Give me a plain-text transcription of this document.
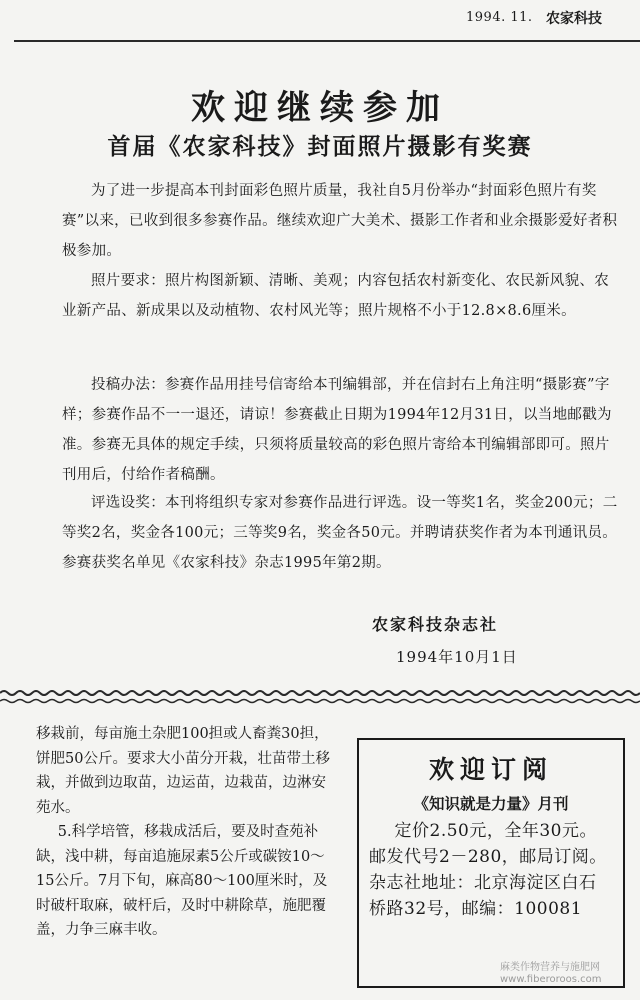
1994. 11. 农家科技
欢迎继续参加
首届《农家科技》封面照片摄影有奖赛

为了进一步提高本刊封面彩色照片质量，我社自5月份举办“封面彩色照片有奖赛”以来，已收到很多参赛作品。继续欢迎广大美术、摄影工作者和业余摄影爱好者积极参加。

照片要求：照片构图新颖、清晰、美观；内容包括农村新变化、农民新风貌、农业新产品、新成果以及动植物、农村风光等；照片规格不小于12.8×8.6厘米。

投稿办法：参赛作品用挂号信寄给本刊编辑部，并在信封右上角注明“摄影赛”字样；参赛作品不一一退还，请谅！参赛截止日期为1994年12月31日，以当地邮戳为准。参赛无具体的规定手续，只须将质量较高的彩色照片寄给本刊编辑部即可。照片刊用后，付给作者稿酬。

评选设奖：本刊将组织专家对参赛作品进行评选。设一等奖1名，奖金200元；二等奖2名，奖金各100元；三等奖9名，奖金各50元。并聘请获奖作者为本刊通讯员。参赛获奖名单见《农家科技》杂志1995年第2期。

农家科技杂志社
1994年10月1日

移栽前，每亩施土杂肥100担或人畜粪30担，饼肥50公斤。要求大小苗分开栽，壮苗带土移栽，并做到边取苗，边运苗，边栽苗，边淋安苑水。

5.科学培管，移栽成活后，要及时查苑补缺，浅中耕，每亩追施尿素5公斤或碳铵10～15公斤。7月下旬，麻高80～100厘米时，及时破杆取麻，破杆后，及时中耕除草，施肥覆盖，力争三麻丰收。

欢迎订阅
《知识就是力量》月刊
定价2.50元，全年30元。邮发代号2－280，邮局订阅。杂志社地址：北京海淀区白石桥路32号，邮编：100081
麻类作物营养与施肥网
www.fiberoroos.com
